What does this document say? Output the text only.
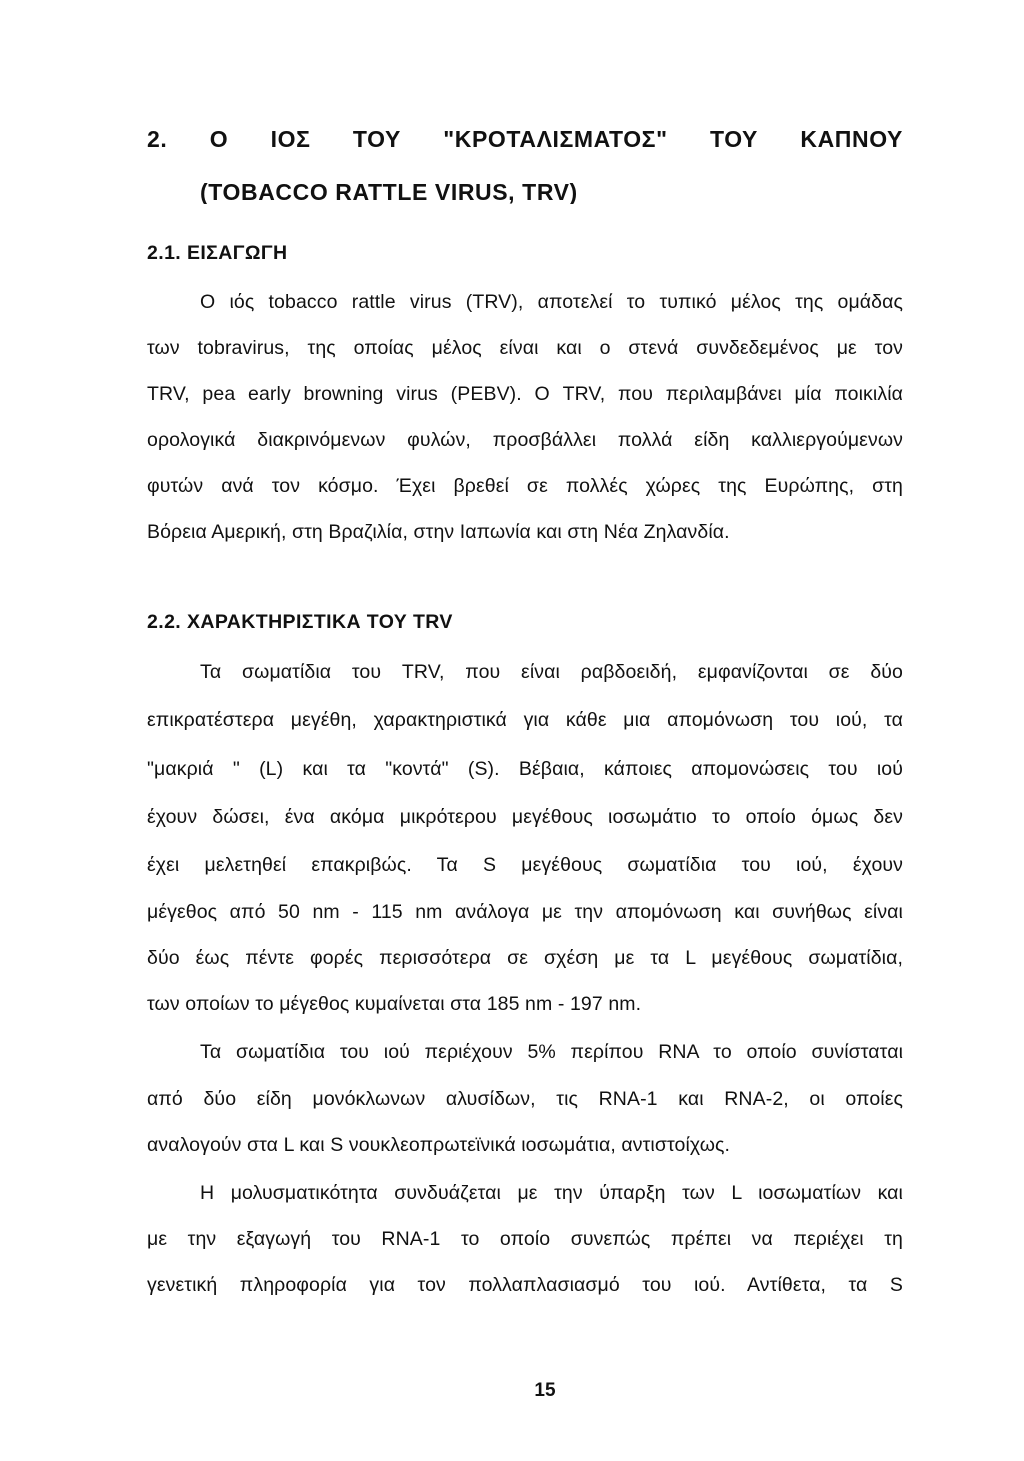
2. Ο ΙΟΣ ΤΟΥ "ΚΡΟΤΑΛΙΣΜΑΤΟΣ" ΤΟΥ ΚΑΠΝΟΥ
(TOBACCO RATTLE VIRUS, TRV)
2.1. ΕΙΣΑΓΩΓΗ
Ο ιός tobacco rattle virus (TRV), αποτελεί το τυπικό μέλος της ομάδας
των tobravirus, της οποίας μέλος είναι και ο στενά συνδεδεμένος με τον
TRV, pea early browning virus (PEBV). Ο TRV, που περιλαμβάνει μία ποικιλία
ορολογικά διακρινόμενων φυλών, προσβάλλει πολλά είδη καλλιεργούμενων
φυτών ανά τον κόσμο. Έχει βρεθεί σε πολλές χώρες της Ευρώπης, στη
Βόρεια Αμερική, στη Βραζιλία, στην Ιαπωνία και στη Νέα Ζηλανδία.
2.2. ΧΑΡΑΚΤΗΡΙΣΤΙΚΑ ΤΟΥ TRV
Τα σωματίδια του TRV, που είναι ραβδοειδή, εμφανίζονται σε δύο
επικρατέστερα μεγέθη, χαρακτηριστικά για κάθε μια απομόνωση του ιού, τα
"μακριά " (L) και τα "κοντά" (S). Βέβαια, κάποιες απομονώσεις του ιού
έχουν δώσει, ένα ακόμα μικρότερου μεγέθους ιοσωμάτιο το οποίο όμως δεν
έχει μελετηθεί επακριβώς. Τα S μεγέθους σωματίδια του ιού, έχουν
μέγεθος από 50 nm - 115 nm ανάλογα με την απομόνωση και συνήθως είναι
δύο έως πέντε φορές περισσότερα σε σχέση με τα L μεγέθους σωματίδια,
των οποίων το μέγεθος κυμαίνεται στα 185 nm - 197 nm.
Τα σωματίδια του ιού περιέχουν 5% περίπου RNA το οποίο συνίσταται
από δύο είδη μονόκλωνων αλυσίδων, τις RNA-1 και RNA-2, οι οποίες
αναλογούν στα L και S νουκλεοπρωτεϊνικά ιοσωμάτια, αντιστοίχως.
Η μολυσματικότητα συνδυάζεται με την ύπαρξη των L ιοσωματίων και
με την εξαγωγή του RNA-1 το οποίο συνεπώς πρέπει να περιέχει τη
γενετική πληροφορία για τον πολλαπλασιασμό του ιού. Αντίθετα, τα S
15
